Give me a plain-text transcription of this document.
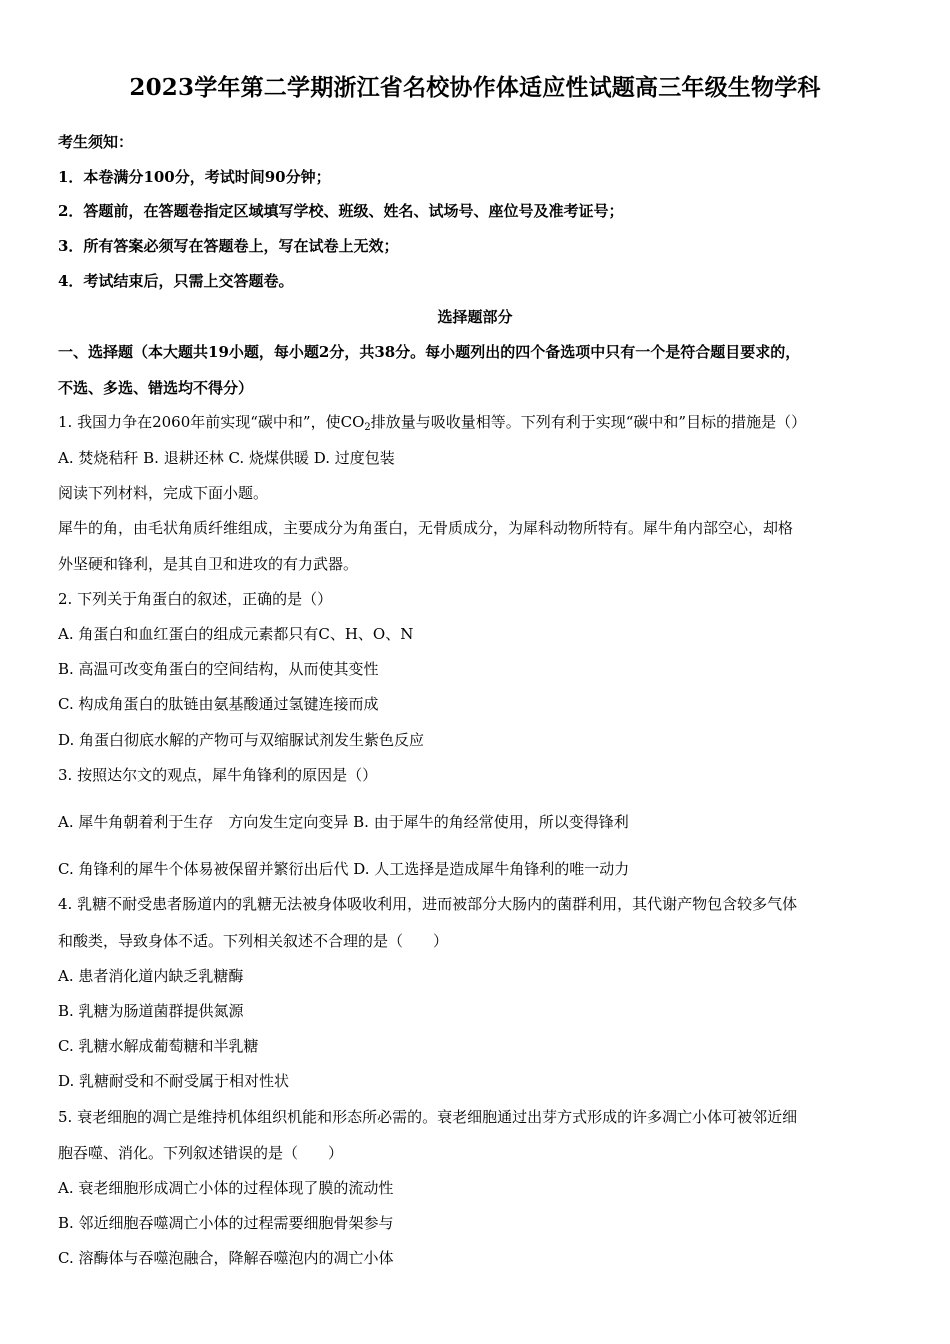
2023学年第二学期浙江省名校协作体适应性试题高三年级生物学科
考生须知：
1．本卷满分100分，考试时间90分钟；
2．答题前，在答题卷指定区域填写学校、班级、姓名、试场号、座位号及准考证号；
3．所有答案必须写在答题卷上，写在试卷上无效；
4．考试结束后，只需上交答题卷。
选择题部分
一、选择题（本大题共19小题，每小题2分，共38分。每小题列出的四个备选项中只有一个是符合题目要求的，
不选、多选、错选均不得分）
1. 我国力争在2060年前实现“碳中和”，使$CO_2$排放量与吸收量相等。下列有利于实现“碳中和”目标的措施是（）
A. 焚烧秸秆 B. 退耕还林 C. 烧煤供暖 D. 过度包装
阅读下列材料，完成下面小题。
犀牛的角，由毛状角质纤维组成，主要成分为角蛋白，无骨质成分，为犀科动物所特有。犀牛角内部空心，却格
外坚硬和锋利，是其自卫和进攻的有力武器。
2. 下列关于角蛋白的叙述，正确的是（）
A. 角蛋白和血红蛋白的组成元素都只有C、H、O、N
B. 高温可改变角蛋白的空间结构，从而使其变性
C. 构成角蛋白的肽链由氨基酸通过氢键连接而成
D. 角蛋白彻底水解的产物可与双缩脲试剂发生紫色反应
3. 按照达尔文的观点，犀牛角锋利的原因是（）
A. 犀牛角朝着利于生存　方向发生定向变异 B. 由于犀牛的角经常使用，所以变得锋利
C. 角锋利的犀牛个体易被保留并繁衍出后代 D. 人工选择是造成犀牛角锋利的唯一动力
4. 乳糖不耐受患者肠道内的乳糖无法被身体吸收利用，进而被部分大肠内的菌群利用，其代谢产物包含较多气体
和酸类，导致身体不适。下列相关叙述不合理的是（　　）
A. 患者消化道内缺乏乳糖酶
B. 乳糖为肠道菌群提供氮源
C. 乳糖水解成葡萄糖和半乳糖
D. 乳糖耐受和不耐受属于相对性状
5. 衰老细胞的凋亡是维持机体组织机能和形态所必需的。衰老细胞通过出芽方式形成的许多凋亡小体可被邻近细
胞吞噬、消化。下列叙述错误的是（　　）
A. 衰老细胞形成凋亡小体的过程体现了膜的流动性
B. 邻近细胞吞噬凋亡小体的过程需要细胞骨架参与
C. 溶酶体与吞噬泡融合，降解吞噬泡内的凋亡小体
